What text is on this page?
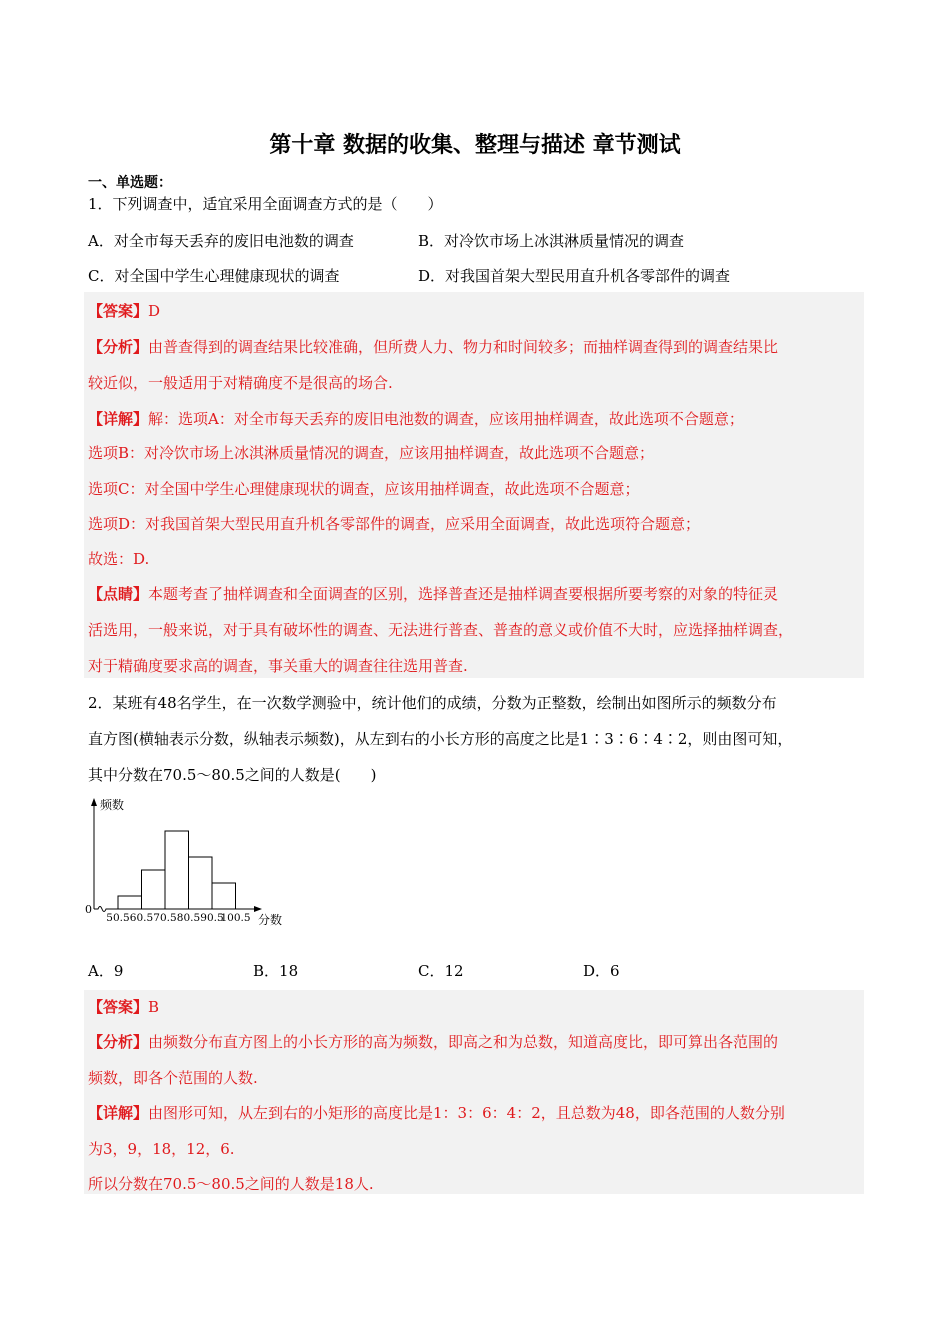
第十章 数据的收集、整理与描述 章节测试
一、单选题：
1．下列调查中，适宜采用全面调查方式的是（　　）
A．对全市每天丢弃的废旧电池数的调查	B．对冷饮市场上冰淇淋质量情况的调查
C．对全国中学生心理健康现状的调查	D．对我国首架大型民用直升机各零部件的调查
【答案】D
【分析】由普查得到的调查结果比较准确，但所费人力、物力和时间较多；而抽样调查得到的调查结果比
较近似，一般适用于对精确度不是很高的场合.
【详解】解：选项A：对全市每天丢弃的废旧电池数的调查，应该用抽样调查，故此选项不合题意；
选项B：对冷饮市场上冰淇淋质量情况的调查，应该用抽样调查，故此选项不合题意；
选项C：对全国中学生心理健康现状的调查，应该用抽样调查，故此选项不合题意；
选项D：对我国首架大型民用直升机各零部件的调查，应采用全面调查，故此选项符合题意；
故选：D.
【点睛】本题考查了抽样调查和全面调查的区别，选择普查还是抽样调查要根据所要考察的对象的特征灵
活选用，一般来说，对于具有破坏性的调查、无法进行普查、普查的意义或价值不大时，应选择抽样调查，
对于精确度要求高的调查，事关重大的调查往往选用普查.
2．某班有48名学生，在一次数学测验中，统计他们的成绩，分数为正整数，绘制出如图所示的频数分布
直方图(横轴表示分数，纵轴表示频数)，从左到右的小长方形的高度之比是1∶3∶6∶4∶2，则由图可知，
其中分数在70.5～80.5之间的人数是(　　)
频数
0
分数
50.5 60.5 70.5 80.5 90.5
100.5
A．9	B．18	C．12	D．6
【答案】B
【分析】由频数分布直方图上的小长方形的高为频数，即高之和为总数，知道高度比，即可算出各范围的
频数，即各个范围的人数.
【详解】由图形可知，从左到右的小矩形的高度比是1：3：6：4：2，且总数为48，即各范围的人数分别
为3，9，18，12，6.
所以分数在70.5～80.5之间的人数是18人.
